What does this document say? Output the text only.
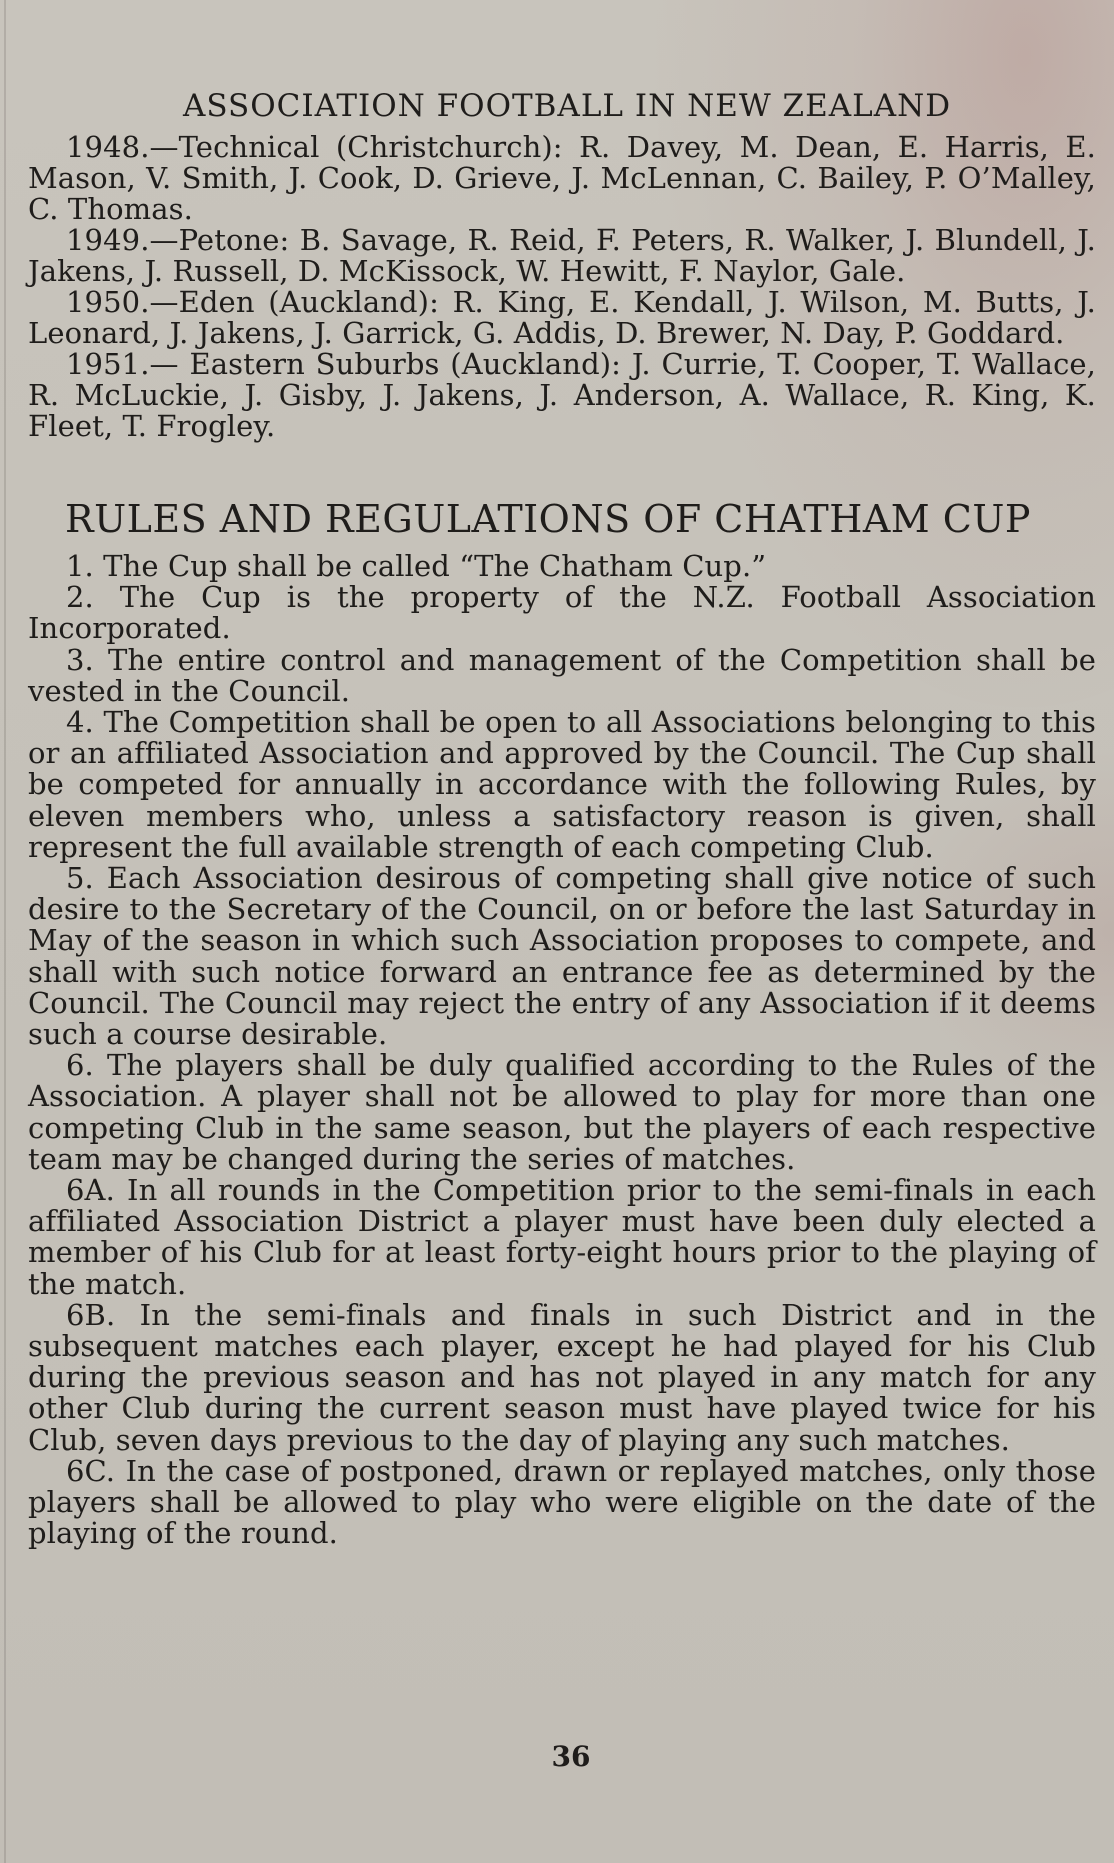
ASSOCIATION FOOTBALL IN NEW ZEALAND

1948.—Technical (Christchurch): R. Davey, M. Dean, E. Harris, E. Mason, V. Smith, J. Cook, D. Grieve, J. McLennan, C. Bailey, P. O’Malley, C. Thomas.

1949.—Petone: B. Savage, R. Reid, F. Peters, R. Walker, J. Blundell, J. Jakens, J. Russell, D. McKissock, W. Hewitt, F. Naylor, Gale.

1950.—Eden (Auckland): R. King, E. Kendall, J. Wilson, M. Butts, J. Leonard, J. Jakens, J. Garrick, G. Addis, D. Brewer, N. Day, P. Goddard.

1951.— Eastern Suburbs (Auckland): J. Currie, T. Cooper, T. Wallace, R. McLuckie, J. Gisby, J. Jakens, J. Anderson, A. Wallace, R. King, K. Fleet, T. Frogley.

RULES AND REGULATIONS OF CHATHAM CUP

1. The Cup shall be called “The Chatham Cup.”

2. The Cup is the property of the N.Z. Football Association Incorporated.

3. The entire control and management of the Competition shall be vested in the Council.

4. The Competition shall be open to all Associations belonging to this or an affiliated Association and approved by the Council. The Cup shall be competed for annually in accordance with the following Rules, by eleven members who, unless a satisfactory reason is given, shall represent the full available strength of each competing Club.

5. Each Association desirous of competing shall give notice of such desire to the Secretary of the Council, on or before the last Saturday in May of the season in which such Association proposes to compete, and shall with such notice forward an entrance fee as determined by the Council. The Council may reject the entry of any Association if it deems such a course desirable.

6. The players shall be duly qualified according to the Rules of the Association. A player shall not be allowed to play for more than one competing Club in the same season, but the players of each respective team may be changed during the series of matches.

6A. In all rounds in the Competition prior to the semi-finals in each affiliated Association District a player must have been duly elected a member of his Club for at least forty-eight hours prior to the playing of the match.

6B. In the semi-finals and finals in such District and in the subsequent matches each player, except he had played for his Club during the previous season and has not played in any match for any other Club during the current season must have played twice for his Club, seven days previous to the day of playing any such matches.

6C. In the case of postponed, drawn or replayed matches, only those players shall be allowed to play who were eligible on the date of the playing of the round.

36
